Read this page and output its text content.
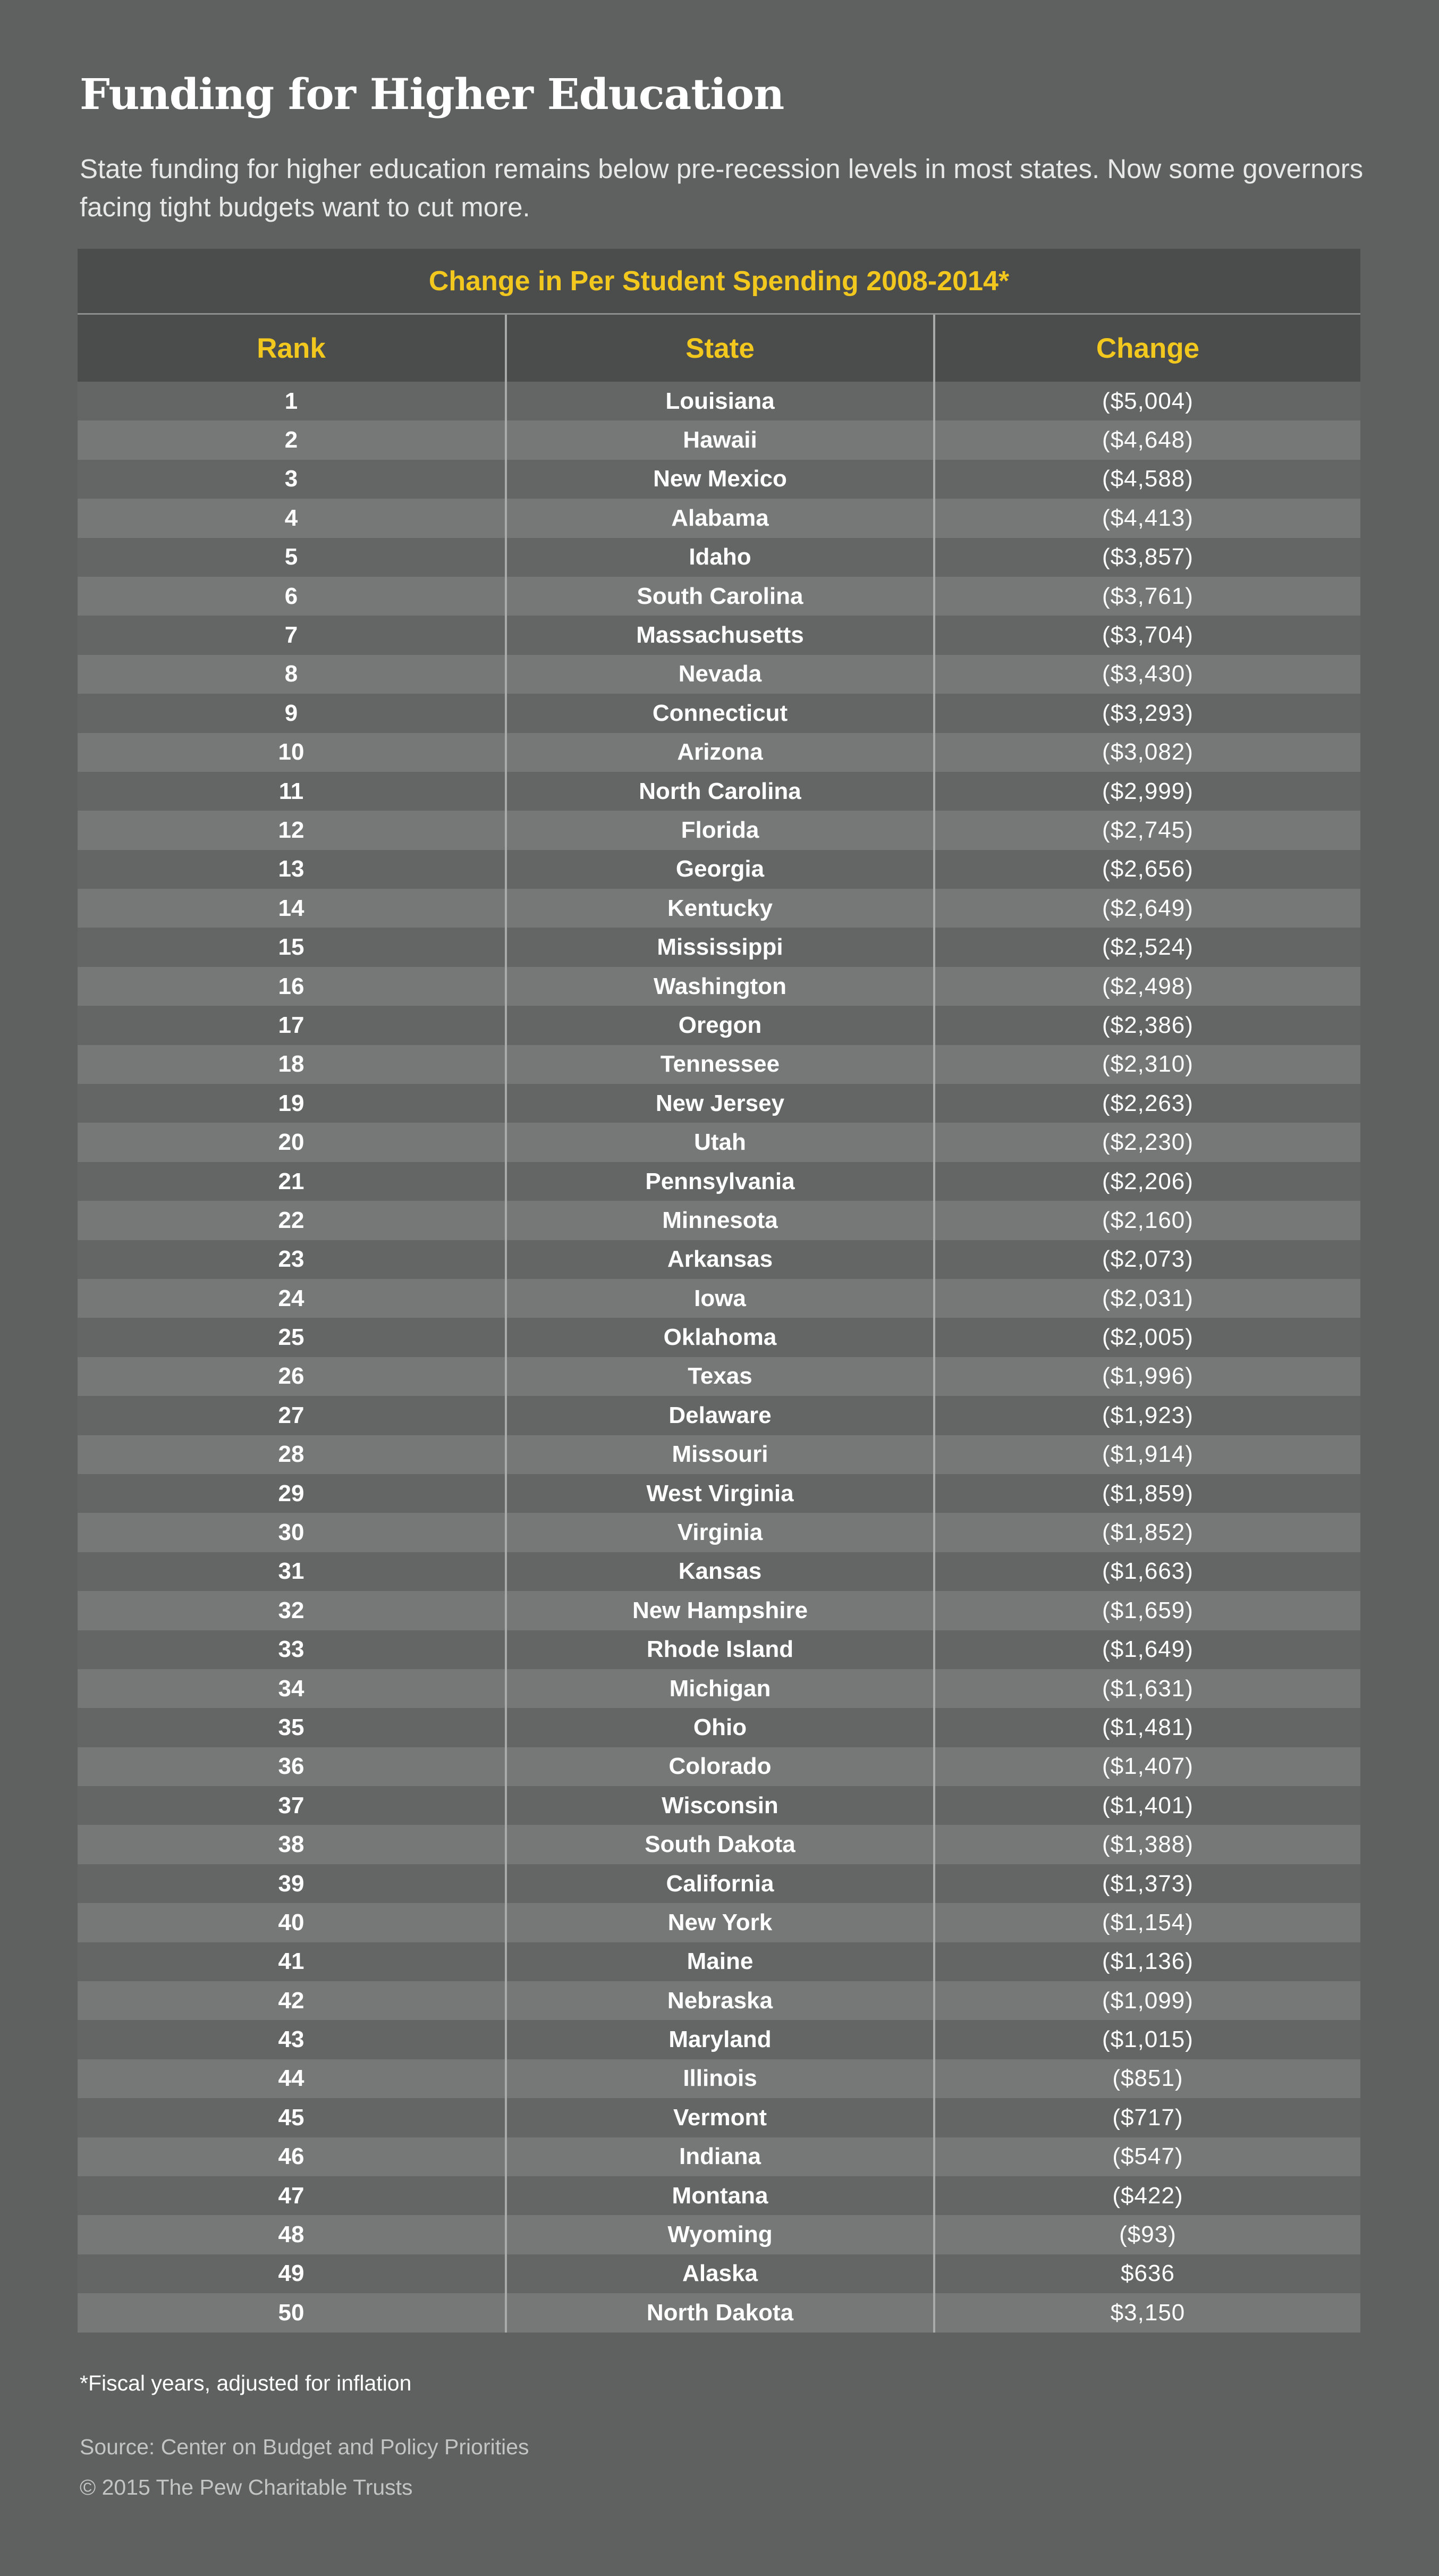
Funding for Higher Education
State funding for higher education remains below pre-recession levels in most states. Now some governors facing tight budgets want to cut more.
Change in Per Student Spending 2008-2014*
Rank	State	Change
1	Louisiana	($5,004)
2	Hawaii	($4,648)
3	New Mexico	($4,588)
4	Alabama	($4,413)
5	Idaho	($3,857)
6	South Carolina	($3,761)
7	Massachusetts	($3,704)
8	Nevada	($3,430)
9	Connecticut	($3,293)
10	Arizona	($3,082)
11	North Carolina	($2,999)
12	Florida	($2,745)
13	Georgia	($2,656)
14	Kentucky	($2,649)
15	Mississippi	($2,524)
16	Washington	($2,498)
17	Oregon	($2,386)
18	Tennessee	($2,310)
19	New Jersey	($2,263)
20	Utah	($2,230)
21	Pennsylvania	($2,206)
22	Minnesota	($2,160)
23	Arkansas	($2,073)
24	Iowa	($2,031)
25	Oklahoma	($2,005)
26	Texas	($1,996)
27	Delaware	($1,923)
28	Missouri	($1,914)
29	West Virginia	($1,859)
30	Virginia	($1,852)
31	Kansas	($1,663)
32	New Hampshire	($1,659)
33	Rhode Island	($1,649)
34	Michigan	($1,631)
35	Ohio	($1,481)
36	Colorado	($1,407)
37	Wisconsin	($1,401)
38	South Dakota	($1,388)
39	California	($1,373)
40	New York	($1,154)
41	Maine	($1,136)
42	Nebraska	($1,099)
43	Maryland	($1,015)
44	Illinois	($851)
45	Vermont	($717)
46	Indiana	($547)
47	Montana	($422)
48	Wyoming	($93)
49	Alaska	$636
50	North Dakota	$3,150
*Fiscal years, adjusted for inflation
Source: Center on Budget and Policy Priorities
© 2015 The Pew Charitable Trusts
